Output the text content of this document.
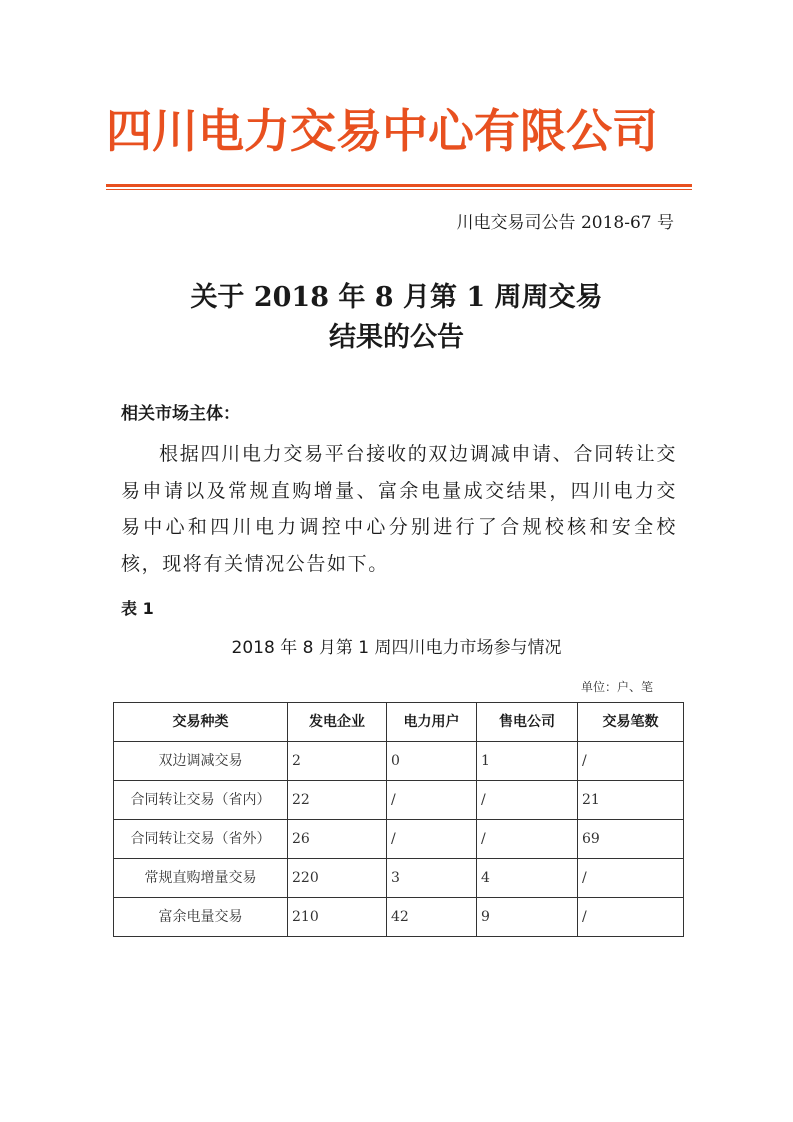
四川电力交易中心有限公司
川电交易司公告 2018-67 号
关于 2018 年 8 月第 1 周周交易
结果的公告
相关市场主体：
根据四川电力交易平台接收的双边调减申请、合同转让交易申请以及常规直购增量、富余电量成交结果，四川电力交易中心和四川电力调控中心分别进行了合规校核和安全校核，现将有关情况公告如下。
表 1
2018 年 8 月第 1 周四川电力市场参与情况
单位：户、笔
交易种类	发电企业	电力用户	售电公司	交易笔数
双边调减交易	2	0	1	/
合同转让交易（省内）	22	/	/	21
合同转让交易（省外）	26	/	/	69
常规直购增量交易	220	3	4	/
富余电量交易	210	42	9	/
